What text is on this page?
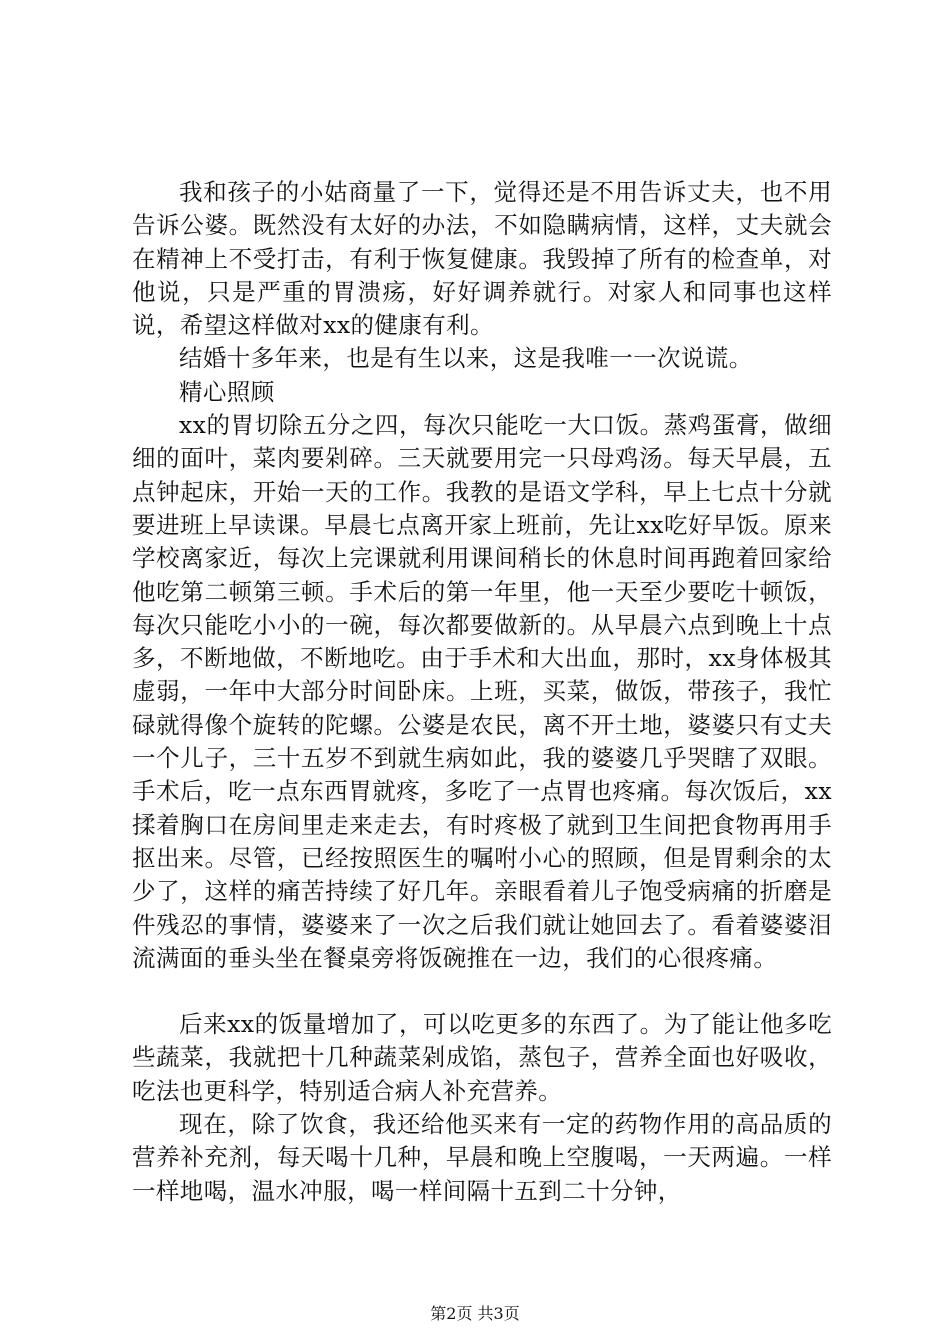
我和孩子的小姑商量了一下，觉得还是不用告诉丈夫，也不用告诉公婆。既然没有太好的办法，不如隐瞒病情，这样，丈夫就会在精神上不受打击，有利于恢复健康。我毁掉了所有的检查单，对他说，只是严重的胃溃疡，好好调养就行。对家人和同事也这样说，希望这样做对xx的健康有利。

结婚十多年来，也是有生以来，这是我唯一一次说谎。

精心照顾

xx的胃切除五分之四，每次只能吃一大口饭。蒸鸡蛋膏，做细细的面叶，菜肉要剁碎。三天就要用完一只母鸡汤。每天早晨，五点钟起床，开始一天的工作。我教的是语文学科，早上七点十分就要进班上早读课。早晨七点离开家上班前，先让xx吃好早饭。原来学校离家近，每次上完课就利用课间稍长的休息时间再跑着回家给他吃第二顿第三顿。手术后的第一年里，他一天至少要吃十顿饭，每次只能吃小小的一碗，每次都要做新的。从早晨六点到晚上十点多，不断地做，不断地吃。由于手术和大出血，那时，xx身体极其虚弱，一年中大部分时间卧床。上班，买菜，做饭，带孩子，我忙碌就得像个旋转的陀螺。公婆是农民，离不开土地，婆婆只有丈夫一个儿子，三十五岁不到就生病如此，我的婆婆几乎哭瞎了双眼。手术后，吃一点东西胃就疼，多吃了一点胃也疼痛。每次饭后，xx揉着胸口在房间里走来走去，有时疼极了就到卫生间把食物再用手抠出来。尽管，已经按照医生的嘱咐小心的照顾，但是胃剩余的太少了，这样的痛苦持续了好几年。亲眼看着儿子饱受病痛的折磨是件残忍的事情，婆婆来了一次之后我们就让她回去了。看着婆婆泪流满面的垂头坐在餐桌旁将饭碗推在一边，我们的心很疼痛。

后来xx的饭量增加了，可以吃更多的东西了。为了能让他多吃些蔬菜，我就把十几种蔬菜剁成馅，蒸包子，营养全面也好吸收，吃法也更科学，特别适合病人补充营养。

现在，除了饮食，我还给他买来有一定的药物作用的高品质的营养补充剂，每天喝十几种，早晨和晚上空腹喝，一天两遍。一样一样地喝，温水冲服，喝一样间隔十五到二十分钟，

第2页 共3页
